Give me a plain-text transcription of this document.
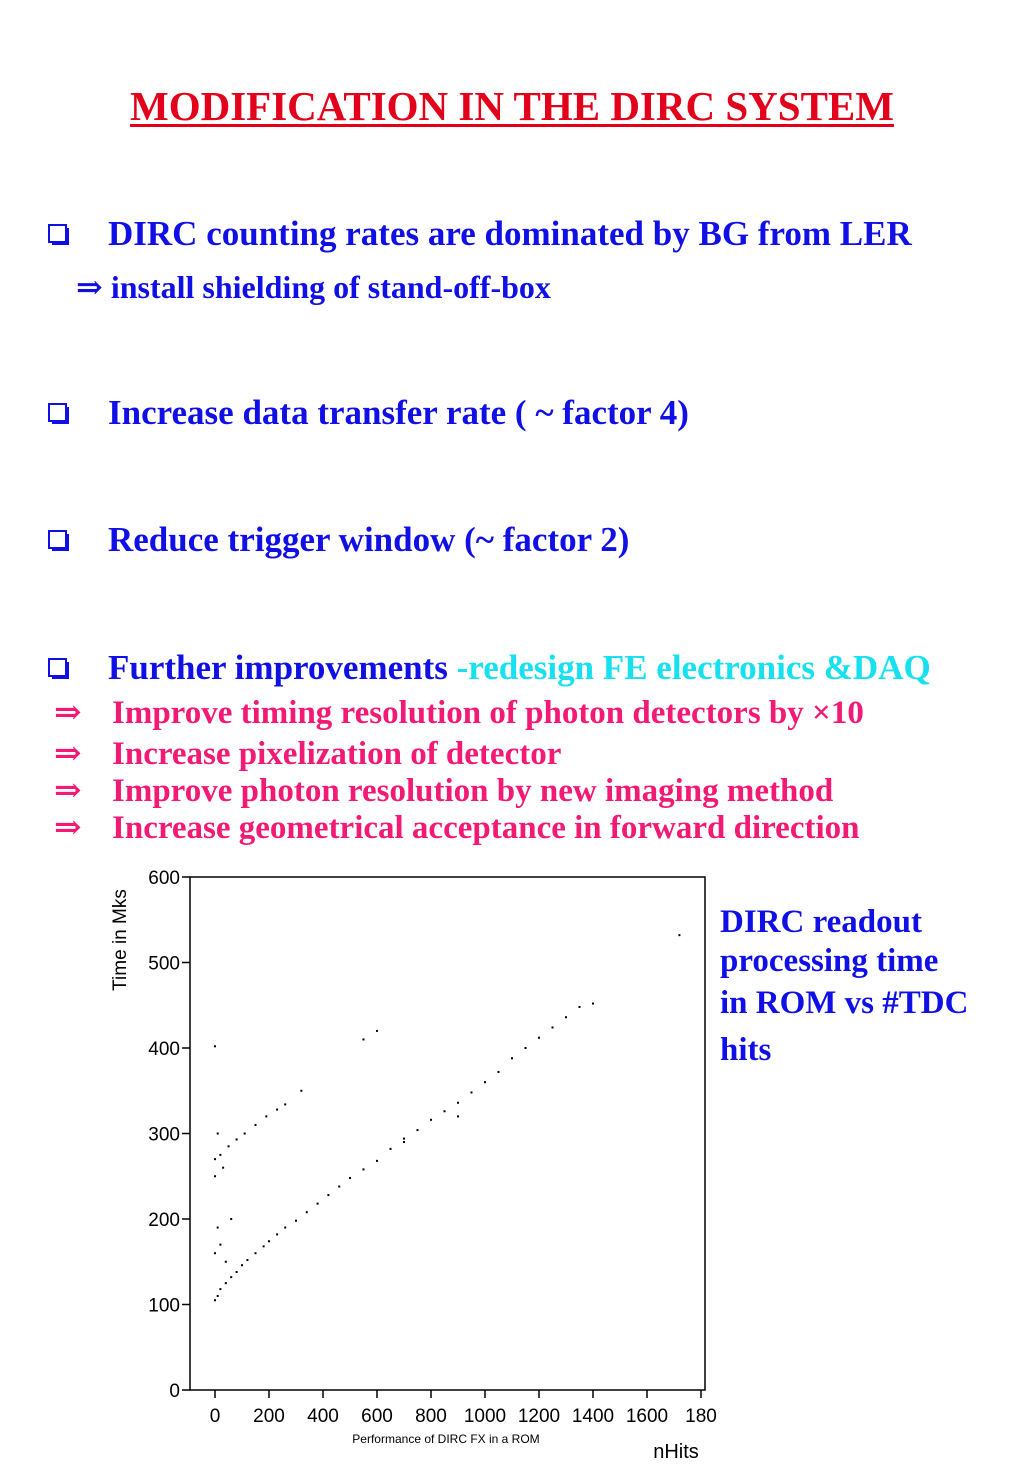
MODIFICATION IN THE DIRC SYSTEM
DIRC counting rates are dominated by BG from LER
⇒ install shielding of stand-off-box
Increase data transfer rate ( ~ factor 4)
Reduce trigger window (~ factor 2)
Further improvements -redesign FE electronics &DAQ
⇒ Improve timing resolution of photon detectors by ×10
⇒ Increase pixelization of detector
⇒ Improve photon resolution by new imaging method
⇒ Increase geometrical acceptance in forward direction
0
100
200
300
400
500
600
0 200 400 600 800 1000 1200 1400 1600 180
Time in Mks
Performance of DIRC FX in a ROM
nHits
DIRC readout
processing time
in ROM vs #TDC
hits
